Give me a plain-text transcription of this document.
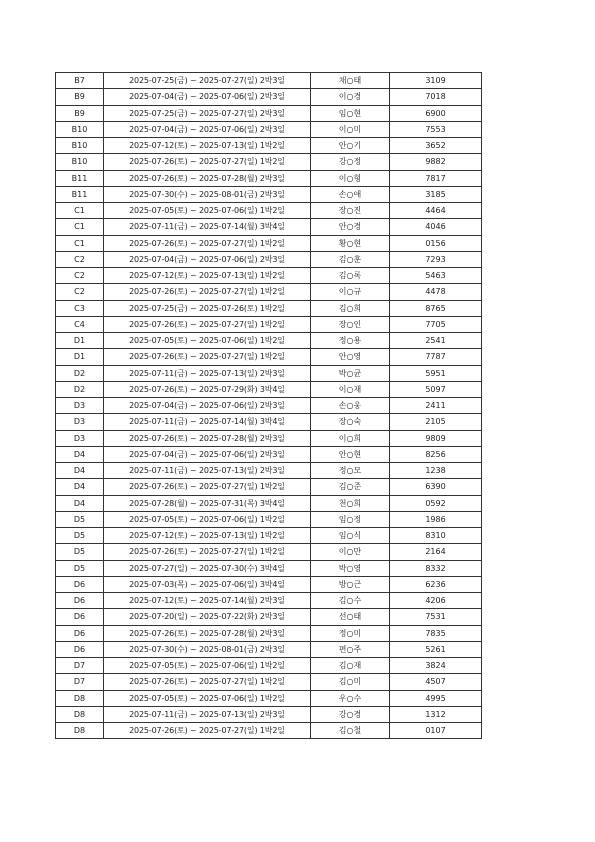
B7	2025-07-25(금) ~ 2025-07-27(일) 2박3일	채○태	3109
B9	2025-07-04(금) ~ 2025-07-06(일) 2박3일	이○경	7018
B9	2025-07-25(금) ~ 2025-07-27(일) 2박3일	임○현	6900
B10	2025-07-04(금) ~ 2025-07-06(일) 2박3일	이○미	7553
B10	2025-07-12(토) ~ 2025-07-13(일) 1박2일	안○기	3652
B10	2025-07-26(토) ~ 2025-07-27(일) 1박2일	강○정	9882
B11	2025-07-26(토) ~ 2025-07-28(월) 2박3일	이○형	7817
B11	2025-07-30(수) ~ 2025-08-01(금) 2박3일	손○애	3185
C1	2025-07-05(토) ~ 2025-07-06(일) 1박2일	장○진	4464
C1	2025-07-11(금) ~ 2025-07-14(월) 3박4일	안○경	4046
C1	2025-07-26(토) ~ 2025-07-27(일) 1박2일	황○현	0156
C2	2025-07-04(금) ~ 2025-07-06(일) 2박3일	김○훈	7293
C2	2025-07-12(토) ~ 2025-07-13(일) 1박2일	김○록	5463
C2	2025-07-26(토) ~ 2025-07-27(일) 1박2일	이○규	4478
C3	2025-07-25(금) ~ 2025-07-26(토) 1박2일	김○희	8765
C4	2025-07-26(토) ~ 2025-07-27(일) 1박2일	장○인	7705
D1	2025-07-05(토) ~ 2025-07-06(일) 1박2일	정○용	2541
D1	2025-07-26(토) ~ 2025-07-27(일) 1박2일	안○영	7787
D2	2025-07-11(금) ~ 2025-07-13(일) 2박3일	박○균	5951
D2	2025-07-26(토) ~ 2025-07-29(화) 3박4일	이○재	5097
D3	2025-07-04(금) ~ 2025-07-06(일) 2박3일	손○웅	2411
D3	2025-07-11(금) ~ 2025-07-14(월) 3박4일	장○숙	2105
D3	2025-07-26(토) ~ 2025-07-28(월) 2박3일	이○희	9809
D4	2025-07-04(금) ~ 2025-07-06(일) 2박3일	안○현	8256
D4	2025-07-11(금) ~ 2025-07-13(일) 2박3일	정○모	1238
D4	2025-07-26(토) ~ 2025-07-27(일) 1박2일	김○준	6390
D4	2025-07-28(월) ~ 2025-07-31(목) 3박4일	천○희	0592
D5	2025-07-05(토) ~ 2025-07-06(일) 1박2일	임○정	1986
D5	2025-07-12(토) ~ 2025-07-13(일) 1박2일	임○식	8310
D5	2025-07-26(토) ~ 2025-07-27(일) 1박2일	이○만	2164
D5	2025-07-27(일) ~ 2025-07-30(수) 3박4일	박○영	8332
D6	2025-07-03(목) ~ 2025-07-06(일) 3박4일	방○근	6236
D6	2025-07-12(토) ~ 2025-07-14(월) 2박3일	김○수	4206
D6	2025-07-20(일) ~ 2025-07-22(화) 2박3일	선○태	7531
D6	2025-07-26(토) ~ 2025-07-28(월) 2박3일	정○미	7835
D6	2025-07-30(수) ~ 2025-08-01(금) 2박3일	편○주	5261
D7	2025-07-05(토) ~ 2025-07-06(일) 1박2일	김○재	3824
D7	2025-07-26(토) ~ 2025-07-27(일) 1박2일	김○미	4507
D8	2025-07-05(토) ~ 2025-07-06(일) 1박2일	우○수	4995
D8	2025-07-11(금) ~ 2025-07-13(일) 2박3일	강○경	1312
D8	2025-07-26(토) ~ 2025-07-27(일) 1박2일	김○철	0107
